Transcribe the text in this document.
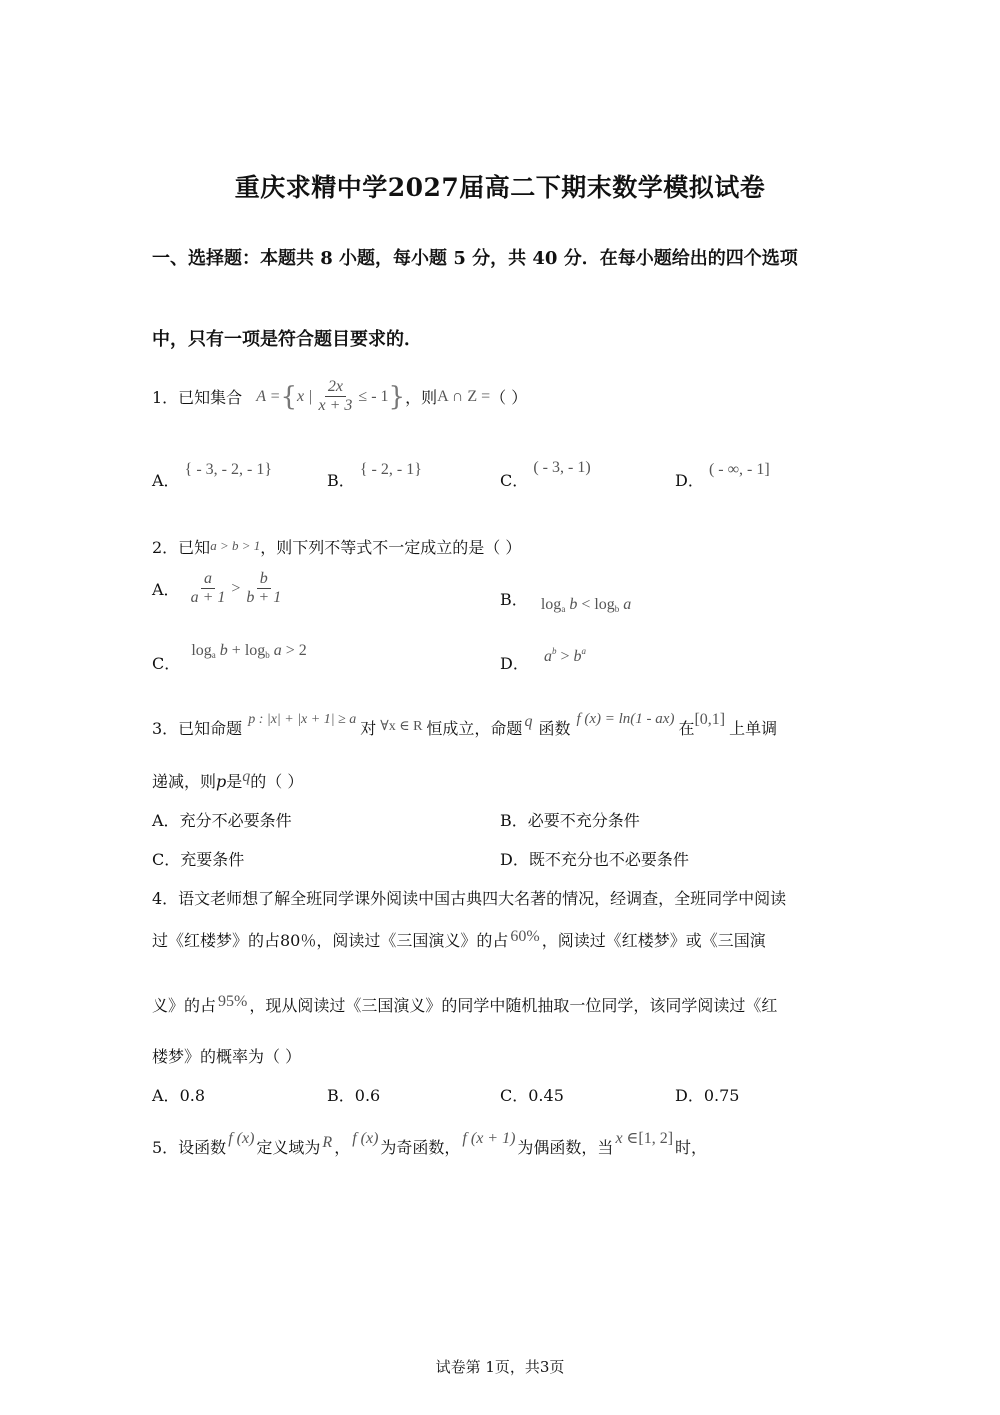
重庆求精中学2027届高二下期末数学模拟试卷
一、选择题：本题共 8 小题，每小题 5 分，共 40 分．在每小题给出的四个选项
中，只有一项是符合题目要求的．
1．已知集合 A = { x | $\frac{2x}{x + 3}$ ≤ - 1 } ，则 A ∩ Z = （ ）
A． { - 3, - 2, - 1}
B． { - 2, - 1}
C． ( - 3, - 1)
D． ( - ∞, - 1]
2．已知a > b > 1，则下列不等式不一定成立的是（ ）
A． $\frac{a}{a + 1} > \frac{b}{b + 1}$	B． $\log_a b < \log_b a$
C． $\log_a b + \log_b a > 2$
D． $a^b > b^a$
3．已知命题 p : |x| + |x + 1| ≥ a 对 ∀x ∈ R 恒成立，命题 q 函数 f (x) = ln(1 - ax) 在[0,1] 上单调
递减，则p是q的（ ）
A．充分不必要条件	B．必要不充分条件
C．充要条件	D．既不充分也不必要条件
4．语文老师想了解全班同学课外阅读中国古典四大名著的情况，经调查，全班同学中阅读
过《红楼梦》的占80％，阅读过《三国演义》的占 60% ，阅读过《红楼梦》或《三国演
义》的占 95% ，现从阅读过《三国演义》的同学中随机抽取一位同学，该同学阅读过《红
楼梦》的概率为（ ）
A．0.8	B．0.6	C．0.45	D．0.75
5．设函数 f (x) 定义域为 R ， f (x) 为奇函数， f (x + 1) 为偶函数，当 x ∈[1, 2] 时，
试卷第 1页，共3页
